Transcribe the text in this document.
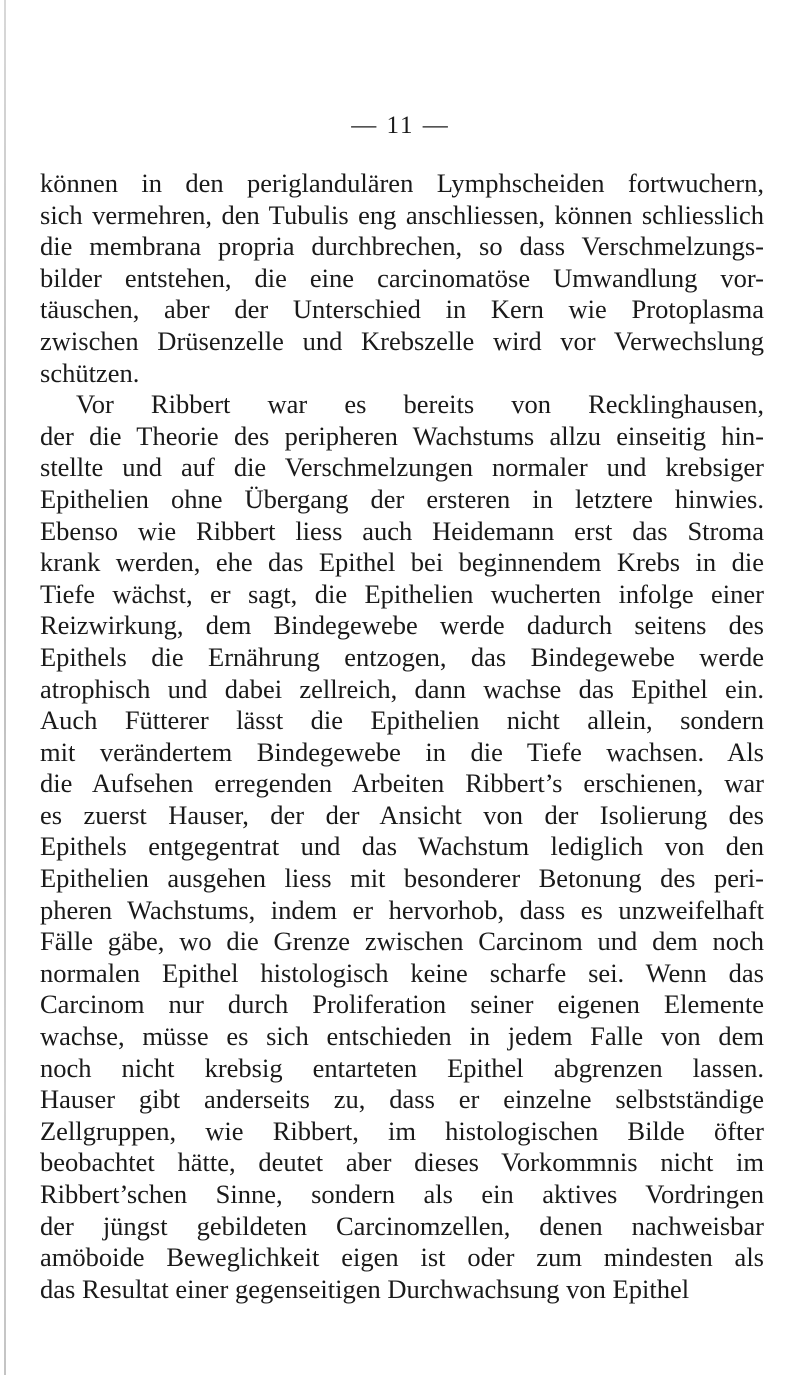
— 11 —
können in den periglandulären Lymphscheiden fortwuchern,
sich vermehren, den Tubulis eng anschliessen, können schliesslich
die membrana propria durchbrechen, so dass Verschmelzungs-
bilder entstehen, die eine carcinomatöse Umwandlung vor-
täuschen, aber der Unterschied in Kern wie Protoplasma
zwischen Drüsenzelle und Krebszelle wird vor Verwechslung
schützen.
Vor Ribbert war es bereits von Recklinghausen,
der die Theorie des peripheren Wachstums allzu einseitig hin-
stellte und auf die Verschmelzungen normaler und krebsiger
Epithelien ohne Übergang der ersteren in letztere hinwies.
Ebenso wie Ribbert liess auch Heidemann erst das Stroma
krank werden, ehe das Epithel bei beginnendem Krebs in die
Tiefe wächst, er sagt, die Epithelien wucherten infolge einer
Reizwirkung, dem Bindegewebe werde dadurch seitens des
Epithels die Ernährung entzogen, das Bindegewebe werde
atrophisch und dabei zellreich, dann wachse das Epithel ein.
Auch Fütterer lässt die Epithelien nicht allein, sondern
mit verändertem Bindegewebe in die Tiefe wachsen. Als
die Aufsehen erregenden Arbeiten Ribbert’s erschienen, war
es zuerst Hauser, der der Ansicht von der Isolierung des
Epithels entgegentrat und das Wachstum lediglich von den
Epithelien ausgehen liess mit besonderer Betonung des peri-
pheren Wachstums, indem er hervorhob, dass es unzweifelhaft
Fälle gäbe, wo die Grenze zwischen Carcinom und dem noch
normalen Epithel histologisch keine scharfe sei. Wenn das
Carcinom nur durch Proliferation seiner eigenen Elemente
wachse, müsse es sich entschieden in jedem Falle von dem
noch nicht krebsig entarteten Epithel abgrenzen lassen.
Hauser gibt anderseits zu, dass er einzelne selbstständige
Zellgruppen, wie Ribbert, im histologischen Bilde öfter
beobachtet hätte, deutet aber dieses Vorkommnis nicht im
Ribbert’schen Sinne, sondern als ein aktives Vordringen
der jüngst gebildeten Carcinomzellen, denen nachweisbar
amöboide Beweglichkeit eigen ist oder zum mindesten als
das Resultat einer gegenseitigen Durchwachsung von Epithel
